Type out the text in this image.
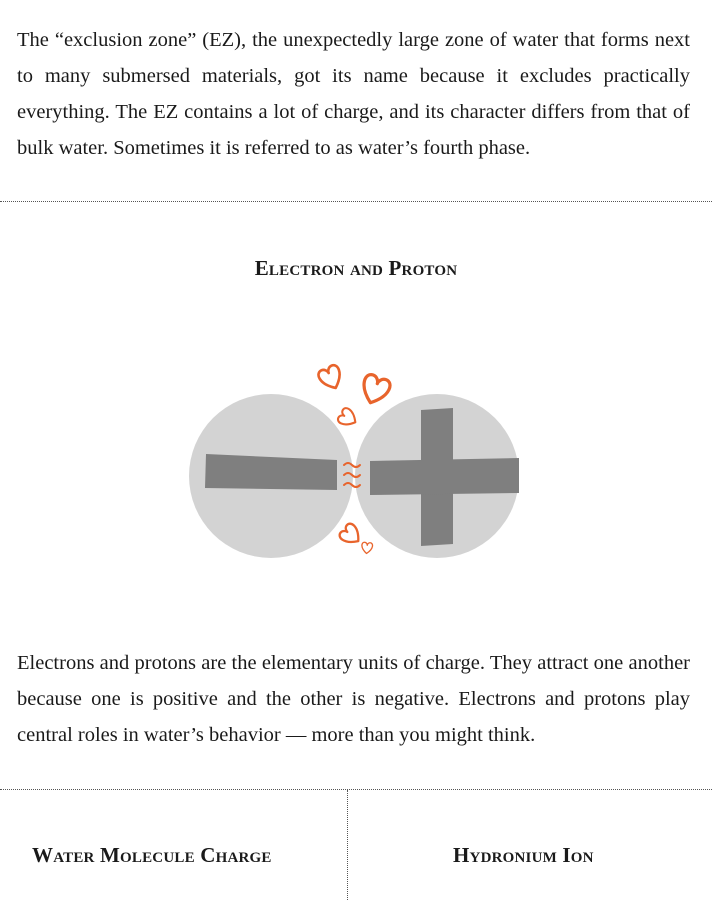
The “exclusion zone” (EZ), the unexpectedly large zone of water that forms next to many submersed materials, got its name because it excludes practically everything. The EZ contains a lot of charge, and its character differs from that of bulk water. Sometimes it is referred to as water’s fourth phase.

Electron and Proton

Electrons and protons are the elementary units of charge. They attract one another because one is positive and the other is negative. Electrons and protons play central roles in water’s behavior — more than you might think.

Water Molecule Charge	Hydronium Ion
